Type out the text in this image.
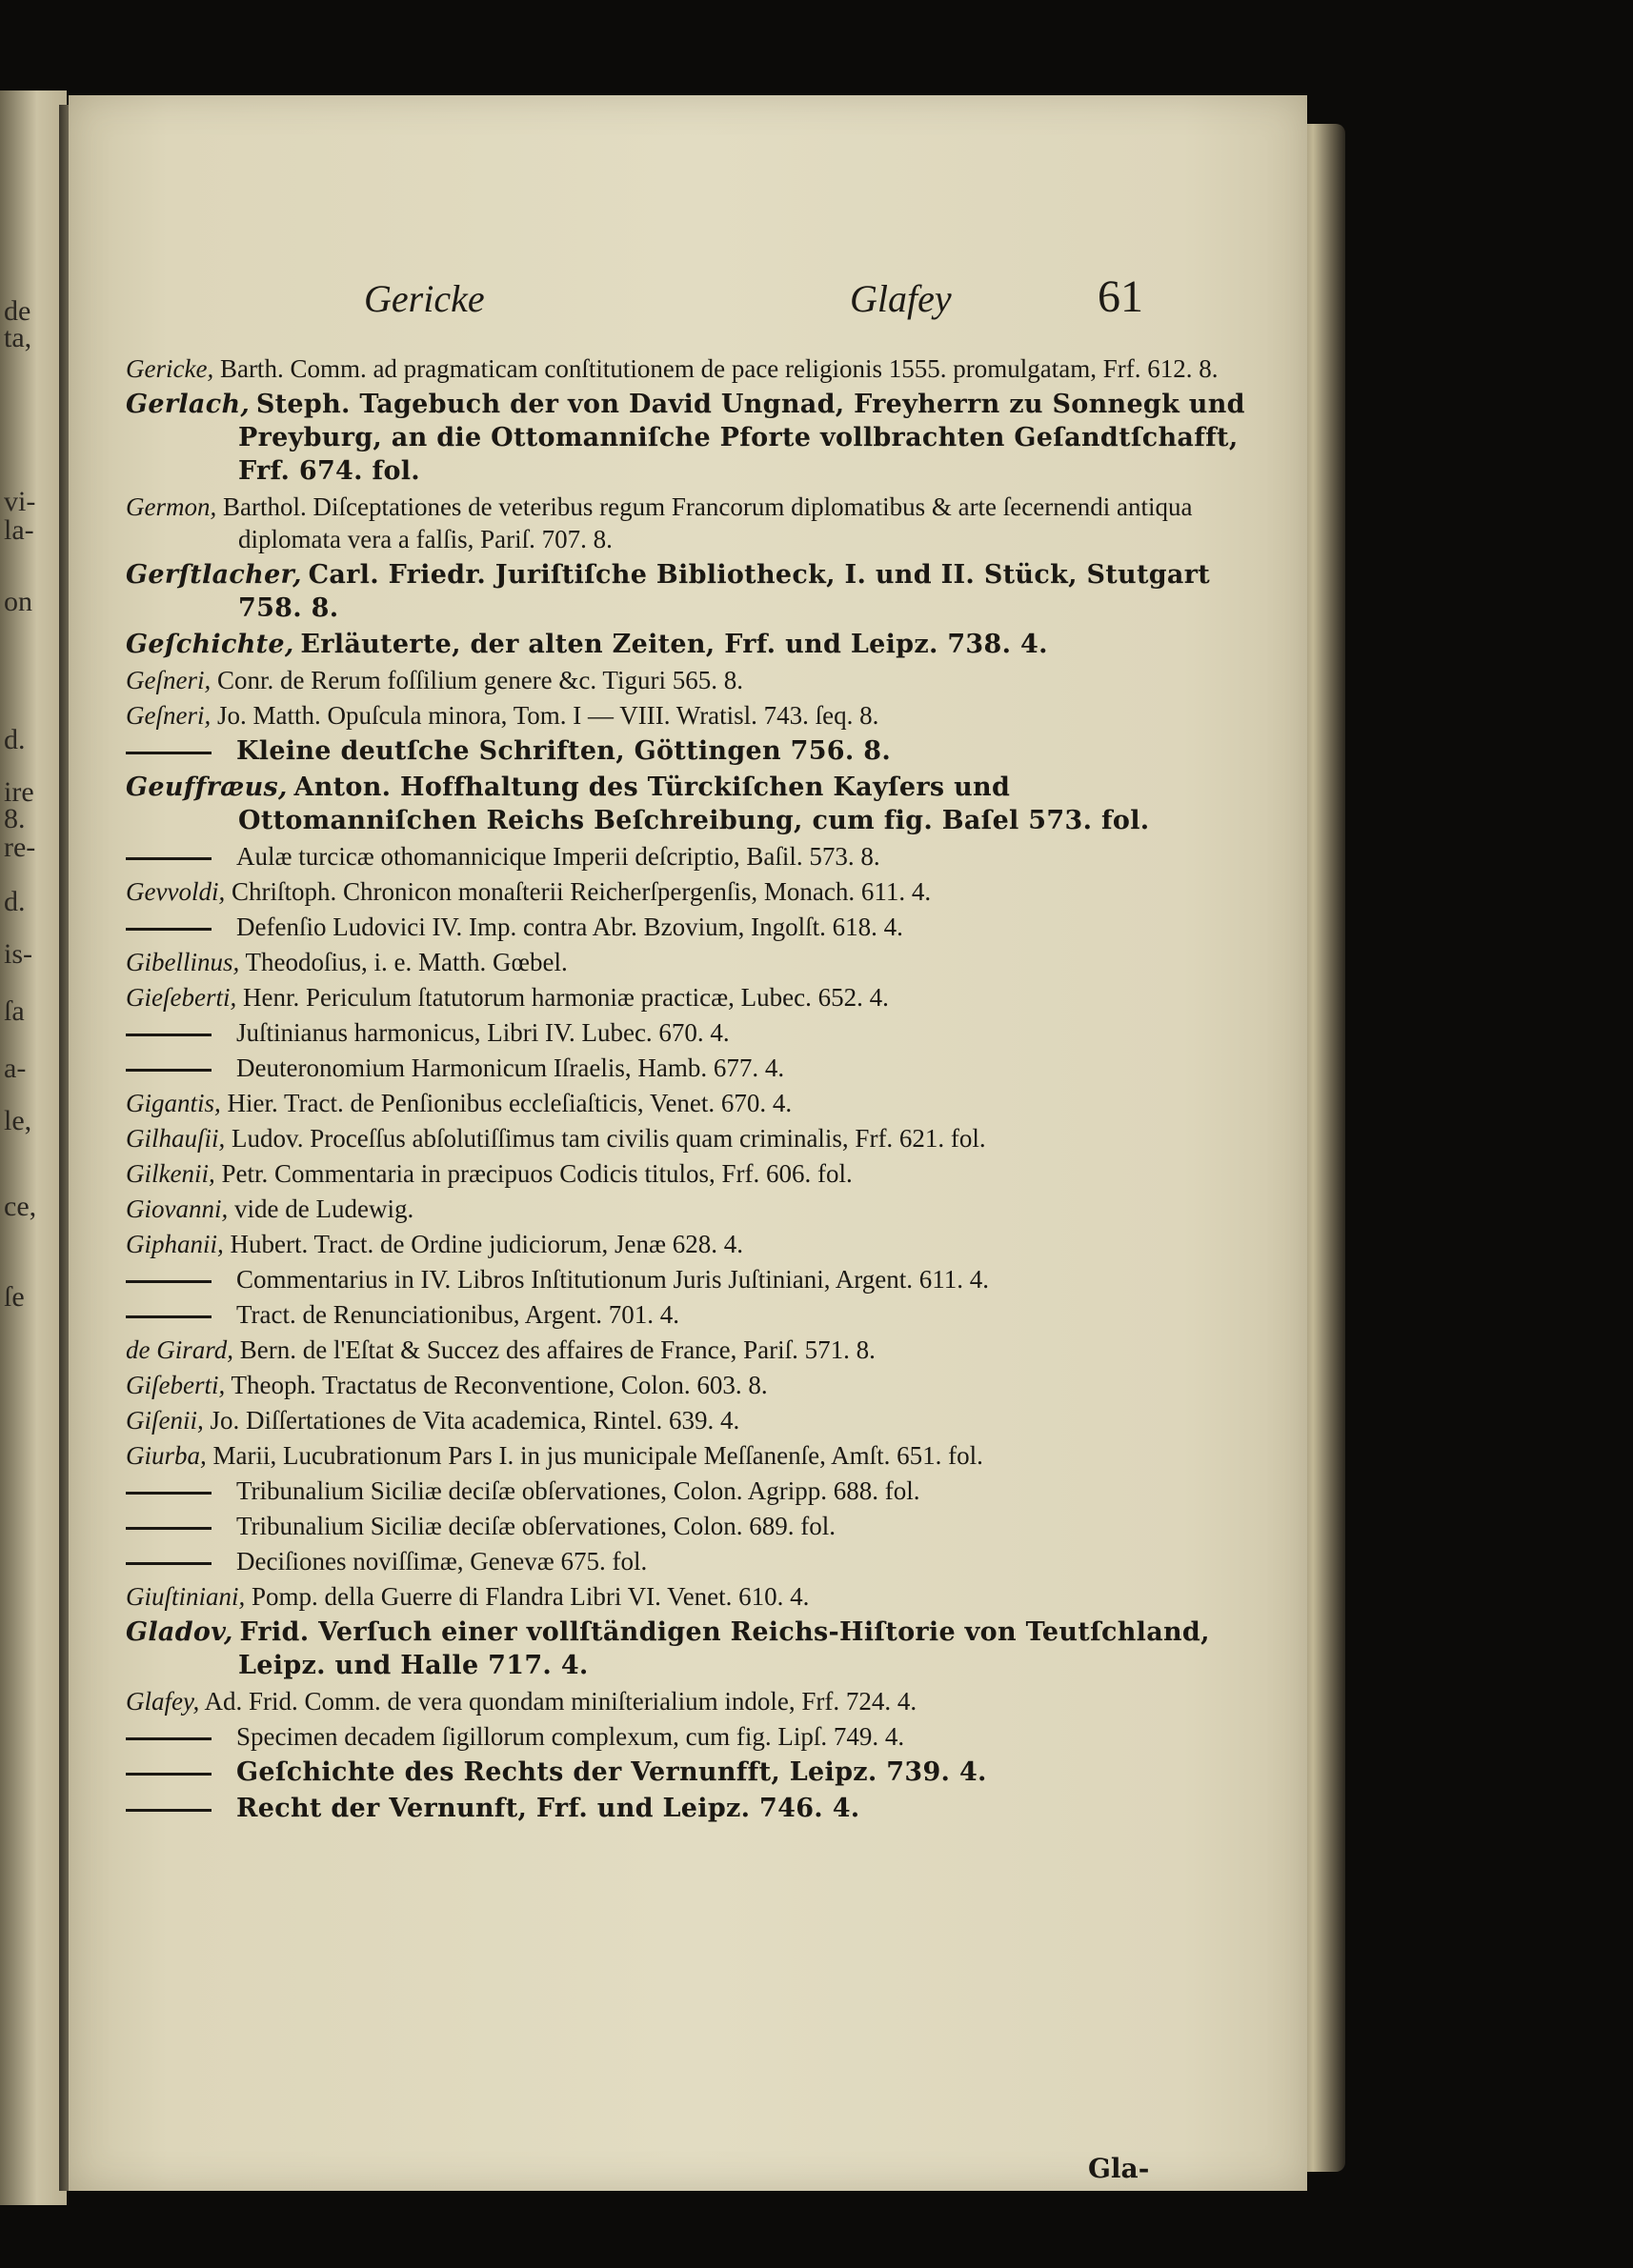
de
ta,
vi-
la-
on
d.
ire
8.
re-
d.
is-
ſa
a-
le,
ce,
ſe
Gericke	Glafey	61
Gericke, Barth. Comm. ad pragmaticam conſtitutionem de pace religionis 1555. promulgatam, Frf. 612. 8.
Gerlach, Steph. Tagebuch der von David Ungnad, Freyherrn zu Sonnegk und Preyburg, an die Ottomanniſche Pforte vollbrachten Geſandtſchafft, Frf. 674. fol.
Germon, Barthol. Diſceptationes de veteribus regum Francorum diplomatibus & arte ſecernendi antiqua diplomata vera a falſis, Pariſ. 707. 8.
Gerſtlacher, Carl. Friedr. Juriſtiſche Bibliotheck, I. und II. Stück, Stutgart 758. 8.
Geſchichte, Erläuterte, der alten Zeiten, Frf. und Leipz. 738. 4.
Geſneri, Conr. de Rerum foſſilium genere &c. Tiguri 565. 8.
Geſneri, Jo. Matth. Opuſcula minora, Tom. I — VIII. Wratisl. 743. ſeq. 8.
Kleine deutſche Schriften, Göttingen 756. 8.
Geuffræus, Anton. Hoffhaltung des Türckiſchen Kayſers und Ottomanniſchen Reichs Beſchreibung, cum fig. Baſel 573. fol.
Aulæ turcicæ othomannicique Imperii deſcriptio, Baſil. 573. 8.
Gevvoldi, Chriſtoph. Chronicon monaſterii Reicherſpergenſis, Monach. 611. 4.
Defenſio Ludovici IV. Imp. contra Abr. Bzovium, Ingolſt. 618. 4.
Gibellinus, Theodoſius, i. e. Matth. Gœbel.
Gieſeberti, Henr. Periculum ſtatutorum harmoniæ practicæ, Lubec. 652. 4.
Juſtinianus harmonicus, Libri IV. Lubec. 670. 4.
Deuteronomium Harmonicum Iſraelis, Hamb. 677. 4.
Gigantis, Hier. Tract. de Penſionibus eccleſiaſticis, Venet. 670. 4.
Gilhauſii, Ludov. Proceſſus abſolutiſſimus tam civilis quam criminalis, Frf. 621. fol.
Gilkenii, Petr. Commentaria in præcipuos Codicis titulos, Frf. 606. fol.
Giovanni, vide de Ludewig.
Giphanii, Hubert. Tract. de Ordine judiciorum, Jenæ 628. 4.
Commentarius in IV. Libros Inſtitutionum Juris Juſtiniani, Argent. 611. 4.
Tract. de Renunciationibus, Argent. 701. 4.
de Girard, Bern. de l'Eſtat & Succez des affaires de France, Pariſ. 571. 8.
Giſeberti, Theoph. Tractatus de Reconventione, Colon. 603. 8.
Giſenii, Jo. Diſſertationes de Vita academica, Rintel. 639. 4.
Giurba, Marii, Lucubrationum Pars I. in jus municipale Meſſanenſe, Amſt. 651. fol.
Tribunalium Siciliæ deciſæ obſervationes, Colon. Agripp. 688. fol.
Tribunalium Siciliæ deciſæ obſervationes, Colon. 689. fol.
Deciſiones noviſſimæ, Genevæ 675. fol.
Giuſtiniani, Pomp. della Guerre di Flandra Libri VI. Venet. 610. 4.
Gladov, Frid. Verſuch einer vollſtändigen Reichs-Hiſtorie von Teutſchland, Leipz. und Halle 717. 4.
Glafey, Ad. Frid. Comm. de vera quondam miniſterialium indole, Frf. 724. 4.
Specimen decadem ſigillorum complexum, cum fig. Lipſ. 749. 4.
Geſchichte des Rechts der Vernunfft, Leipz. 739. 4.
Recht der Vernunft, Frf. und Leipz. 746. 4.
Gla-
